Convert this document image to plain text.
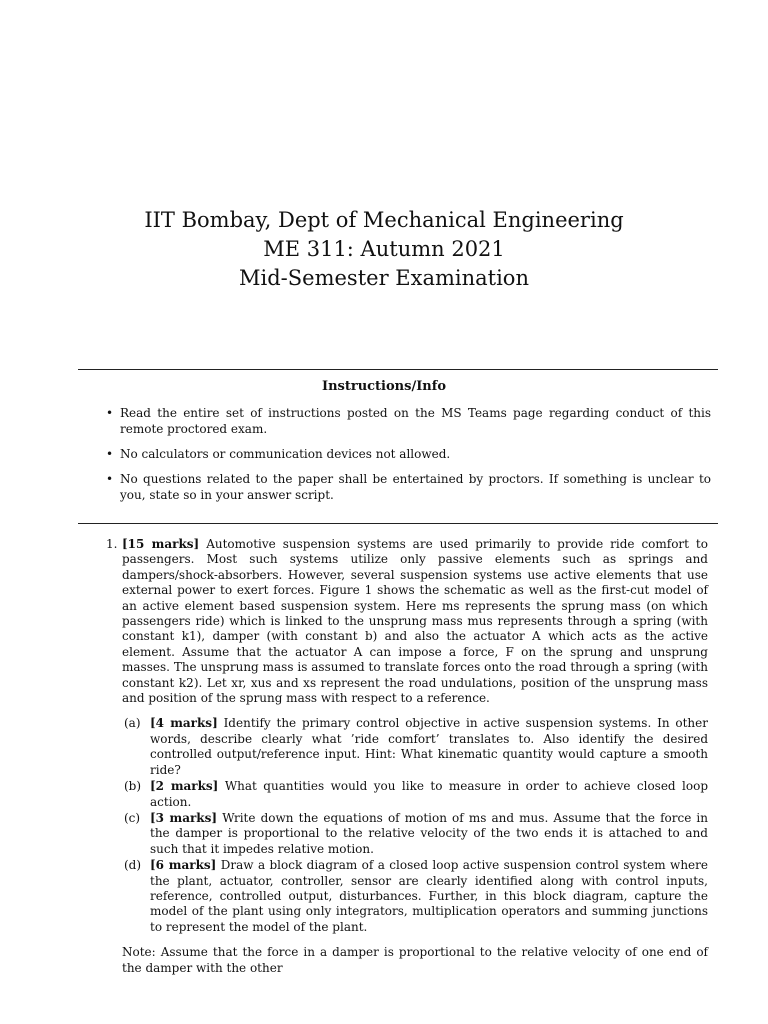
IIT Bombay, Dept of Mechanical Engineering
ME 311: Autumn 2021
Mid-Semester Examination
Instructions/Info
• Read the entire set of instructions posted on the MS Teams page regarding conduct of this remote proctored exam.
• No calculators or communication devices not allowed.
• No questions related to the paper shall be entertained by proctors. If something is unclear to you, state so in your answer script.
1. [15 marks] Automotive suspension systems are used primarily to provide ride comfort to passengers. Most such systems utilize only passive elements such as springs and dampers/shock-absorbers. However, several suspension systems use active elements that use external power to exert forces. Figure 1 shows the schematic as well as the first-cut model of an active element based suspension system. Here ms represents the sprung mass (on which passengers ride) which is linked to the unsprung mass mus represents through a spring (with constant k1), damper (with constant b) and also the actuator A which acts as the active element. Assume that the actuator A can impose a force, F on the sprung and unsprung masses. The unsprung mass is assumed to translate forces onto the road through a spring (with constant k2). Let xr, xus and xs represent the road undulations, position of the unsprung mass and position of the sprung mass with respect to a reference.
(a) [4 marks] Identify the primary control objective in active suspension systems. In other words, describe clearly what ’ride comfort’ translates to. Also identify the desired controlled output/reference input. Hint: What kinematic quantity would capture a smooth ride?
(b) [2 marks] What quantities would you like to measure in order to achieve closed loop action.
(c) [3 marks] Write down the equations of motion of ms and mus. Assume that the force in the damper is proportional to the relative velocity of the two ends it is attached to and such that it impedes relative motion.
(d) [6 marks] Draw a block diagram of a closed loop active suspension control system where the plant, actuator, controller, sensor are clearly identified along with control inputs, reference, controlled output, disturbances. Further, in this block diagram, capture the model of the plant using only integrators, multiplication operators and summing junctions to represent the model of the plant.
Note: Assume that the force in a damper is proportional to the relative velocity of one end of the damper with the other
